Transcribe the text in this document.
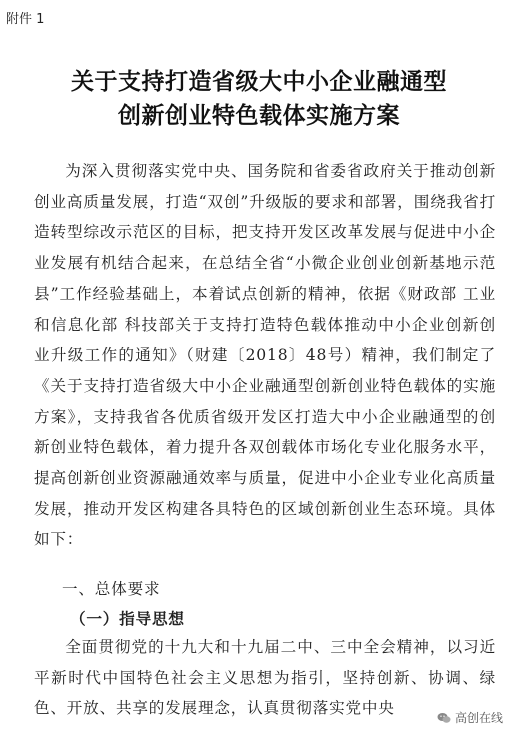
附件 1
关于支持打造省级大中小企业融通型
创新创业特色载体实施方案

为深入贯彻落实党中央、国务院和省委省政府关于推动创新创业高质量发展，打造“双创”升级版的要求和部署，围绕我省打造转型综改示范区的目标，把支持开发区改革发展与促进中小企业发展有机结合起来，在总结全省“小微企业创业创新基地示范县”工作经验基础上，本着试点创新的精神，依据《财政部 工业和信息化部 科技部关于支持打造特色载体推动中小企业创新创业升级工作的通知》（财建〔2018〕48号）精神，我们制定了《关于支持打造省级大中小企业融通型创新创业特色载体的实施方案》，支持我省各优质省级开发区打造大中小企业融通型的创新创业特色载体，着力提升各双创载体市场化专业化服务水平，提高创新创业资源融通效率与质量，促进中小企业专业化高质量发展，推动开发区构建各具特色的区域创新创业生态环境。具体如下：

一、总体要求
（一）指导思想

全面贯彻党的十九大和十九届二中、三中全会精神，以习近平新时代中国特色社会主义思想为指引，坚持创新、协调、绿色、开放、共享的发展理念，认真贯彻落实党中央

高创在线
